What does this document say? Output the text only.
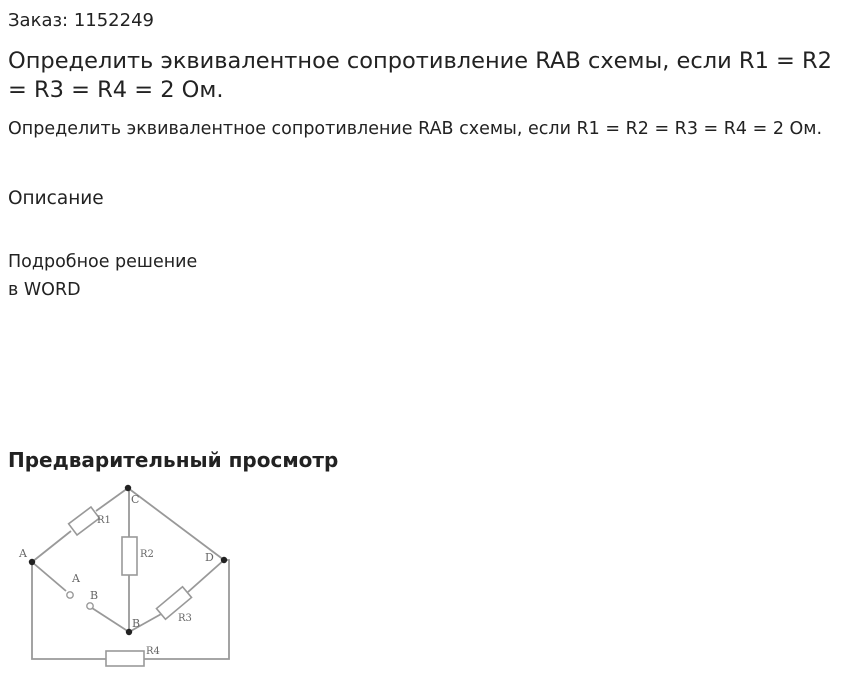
Заказ: 1152249
Определить эквивалентное сопротивление RAB схемы, если R1 = R2 = R3 = R4 = 2 Ом.

Определить эквивалентное сопротивление RAB схемы, если R1 = R2 = R3 = R4 = 2 Ом.

Описание

Подробное решение
в WORD

Предварительный просмотр
A
C
D
B
A
B
R1
R2
R3
R4
